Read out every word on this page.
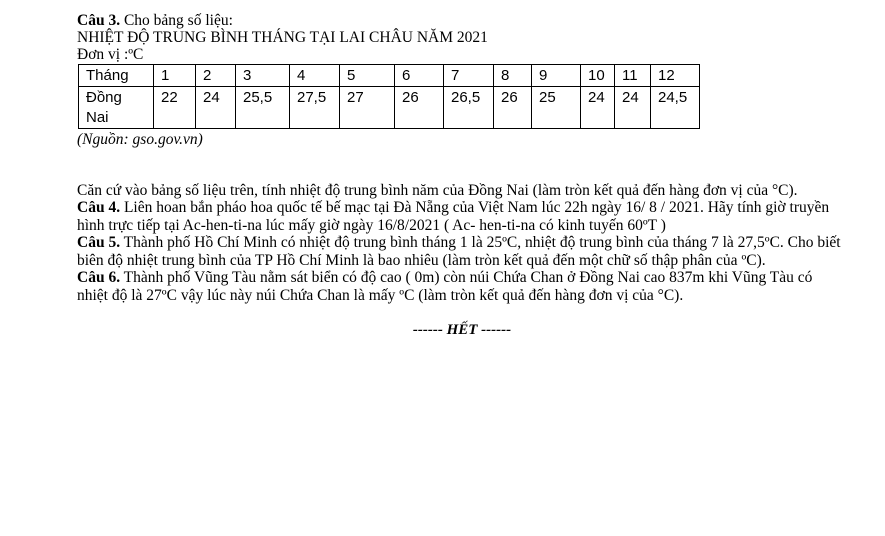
Câu 3. Cho bảng số liệu:

NHIỆT ĐỘ TRUNG BÌNH THÁNG TẠI LAI CHÂU NĂM 2021

Đơn vị :ºC

Tháng	1	2	3	4	5	6	7	8	9	10	11	12
Đồng
Nai	22	24	25,5	27,5	27	26	26,5	26	25	24	24	24,5

(Nguồn: gso.gov.vn)

Căn cứ vào bảng số liệu trên, tính nhiệt độ trung bình năm của Đồng Nai (làm tròn kết quả đến hàng đơn vị của °C).

Câu 4. Liên hoan bắn pháo hoa quốc tế bế mạc tại Đà Nẵng của Việt Nam lúc 22h ngày 16/ 8 / 2021. Hãy tính giờ truyền hình trực tiếp tại Ac-hen-ti-na lúc mấy giờ ngày 16/8/2021 ( Ac- hen-ti-na có kinh tuyến 60ºT )

Câu 5. Thành phố Hồ Chí Minh có nhiệt độ trung bình tháng 1 là 25ºC, nhiệt độ trung bình của tháng 7 là 27,5ºC. Cho biết biên độ nhiệt trung bình của TP Hồ Chí Minh là bao nhiêu (làm tròn kết quả đến một chữ số thập phân của ºC).

Câu 6. Thành phố Vũng Tàu nằm sát biển có độ cao ( 0m) còn núi Chứa Chan ở Đồng Nai cao 837m khi Vũng Tàu có nhiệt độ là 27ºC vậy lúc này núi Chứa Chan là mấy ºC (làm tròn kết quả đến hàng đơn vị của °C).

------ HẾT ------
